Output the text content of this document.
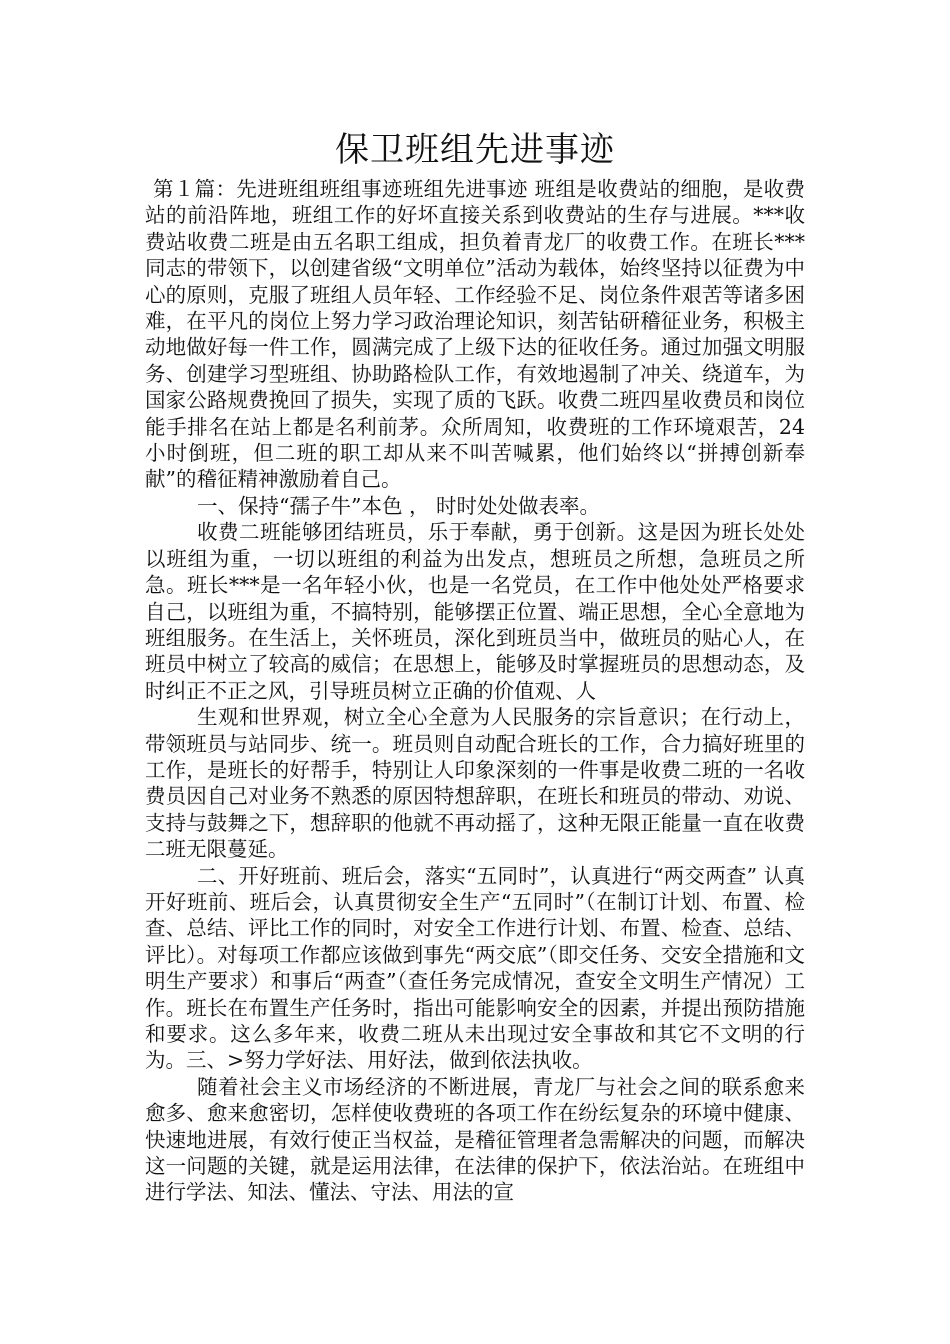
保卫班组先进事迹

第１篇：先进班组班组事迹班组先进事迹 班组是收费站的细胞，是收费站的前沿阵地，班组工作的好坏直接关系到收费站的生存与进展。***收费站收费二班是由五名职工组成，担负着青龙厂的收费工作。在班长***同志的带领下，以创建省级“文明单位”活动为载体，始终坚持以征费为中心的原则，克服了班组人员年轻、工作经验不足、岗位条件艰苦等诸多困难，在平凡的岗位上努力学习政治理论知识，刻苦钻研稽征业务，积极主动地做好每一件工作，圆满完成了上级下达的征收任务。通过加强文明服务、创建学习型班组、协助路检队工作，有效地遏制了冲关、绕道车，为国家公路规费挽回了损失，实现了质的飞跃。收费二班四星收费员和岗位能手排名在站上都是名利前茅。众所周知，收费班的工作环境艰苦，24小时倒班，但二班的职工却从来不叫苦喊累，他们始终以“拼搏创新奉献”的稽征精神激励着自己。

一、保持“孺子牛”本色 ， 时时处处做表率。

收费二班能够团结班员，乐于奉献，勇于创新。这是因为班长处处以班组为重，一切以班组的利益为出发点，想班员之所想，急班员之所急。班长***是一名年轻小伙，也是一名党员，在工作中他处处严格要求自己，以班组为重，不搞特别，能够摆正位置、端正思想，全心全意地为班组服务。在生活上，关怀班员，深化到班员当中，做班员的贴心人，在班员中树立了较高的威信；在思想上，能够及时掌握班员的思想动态，及时纠正不正之风，引导班员树立正确的价值观、人

生观和世界观，树立全心全意为人民服务的宗旨意识；在行动上，带领班员与站同步、统一。班员则自动配合班长的工作，合力搞好班里的工作，是班长的好帮手，特别让人印象深刻的一件事是收费二班的一名收费员因自己对业务不熟悉的原因特想辞职，在班长和班员的带动、劝说、支持与鼓舞之下，想辞职的他就不再动摇了，这种无限正能量一直在收费二班无限蔓延。

二、开好班前、班后会，落实“五同时”，认真进行“两交两查” 认真开好班前、班后会，认真贯彻安全生产“五同时”（在制订计划、布置、检查、总结、评比工作的同时，对安全工作进行计划、布置、检查、总结、评比）。对每项工作都应该做到事先“两交底”（即交任务、交安全措施和文明生产要求）和事后“两查”（查任务完成情况，查安全文明生产情况）工作。班长在布置生产任务时，指出可能影响安全的因素，并提出预防措施和要求。这么多年来，收费二班从未出现过安全事故和其它不文明的行为。三、>努力学好法、用好法，做到依法执收。

随着社会主义市场经济的不断进展，青龙厂与社会之间的联系愈来愈多、愈来愈密切，怎样使收费班的各项工作在纷纭复杂的环境中健康、快速地进展，有效行使正当权益，是稽征管理者急需解决的问题，而解决这一问题的关键，就是运用法律，在法律的保护下，依法治站。在班组中进行学法、知法、懂法、守法、用法的宣
